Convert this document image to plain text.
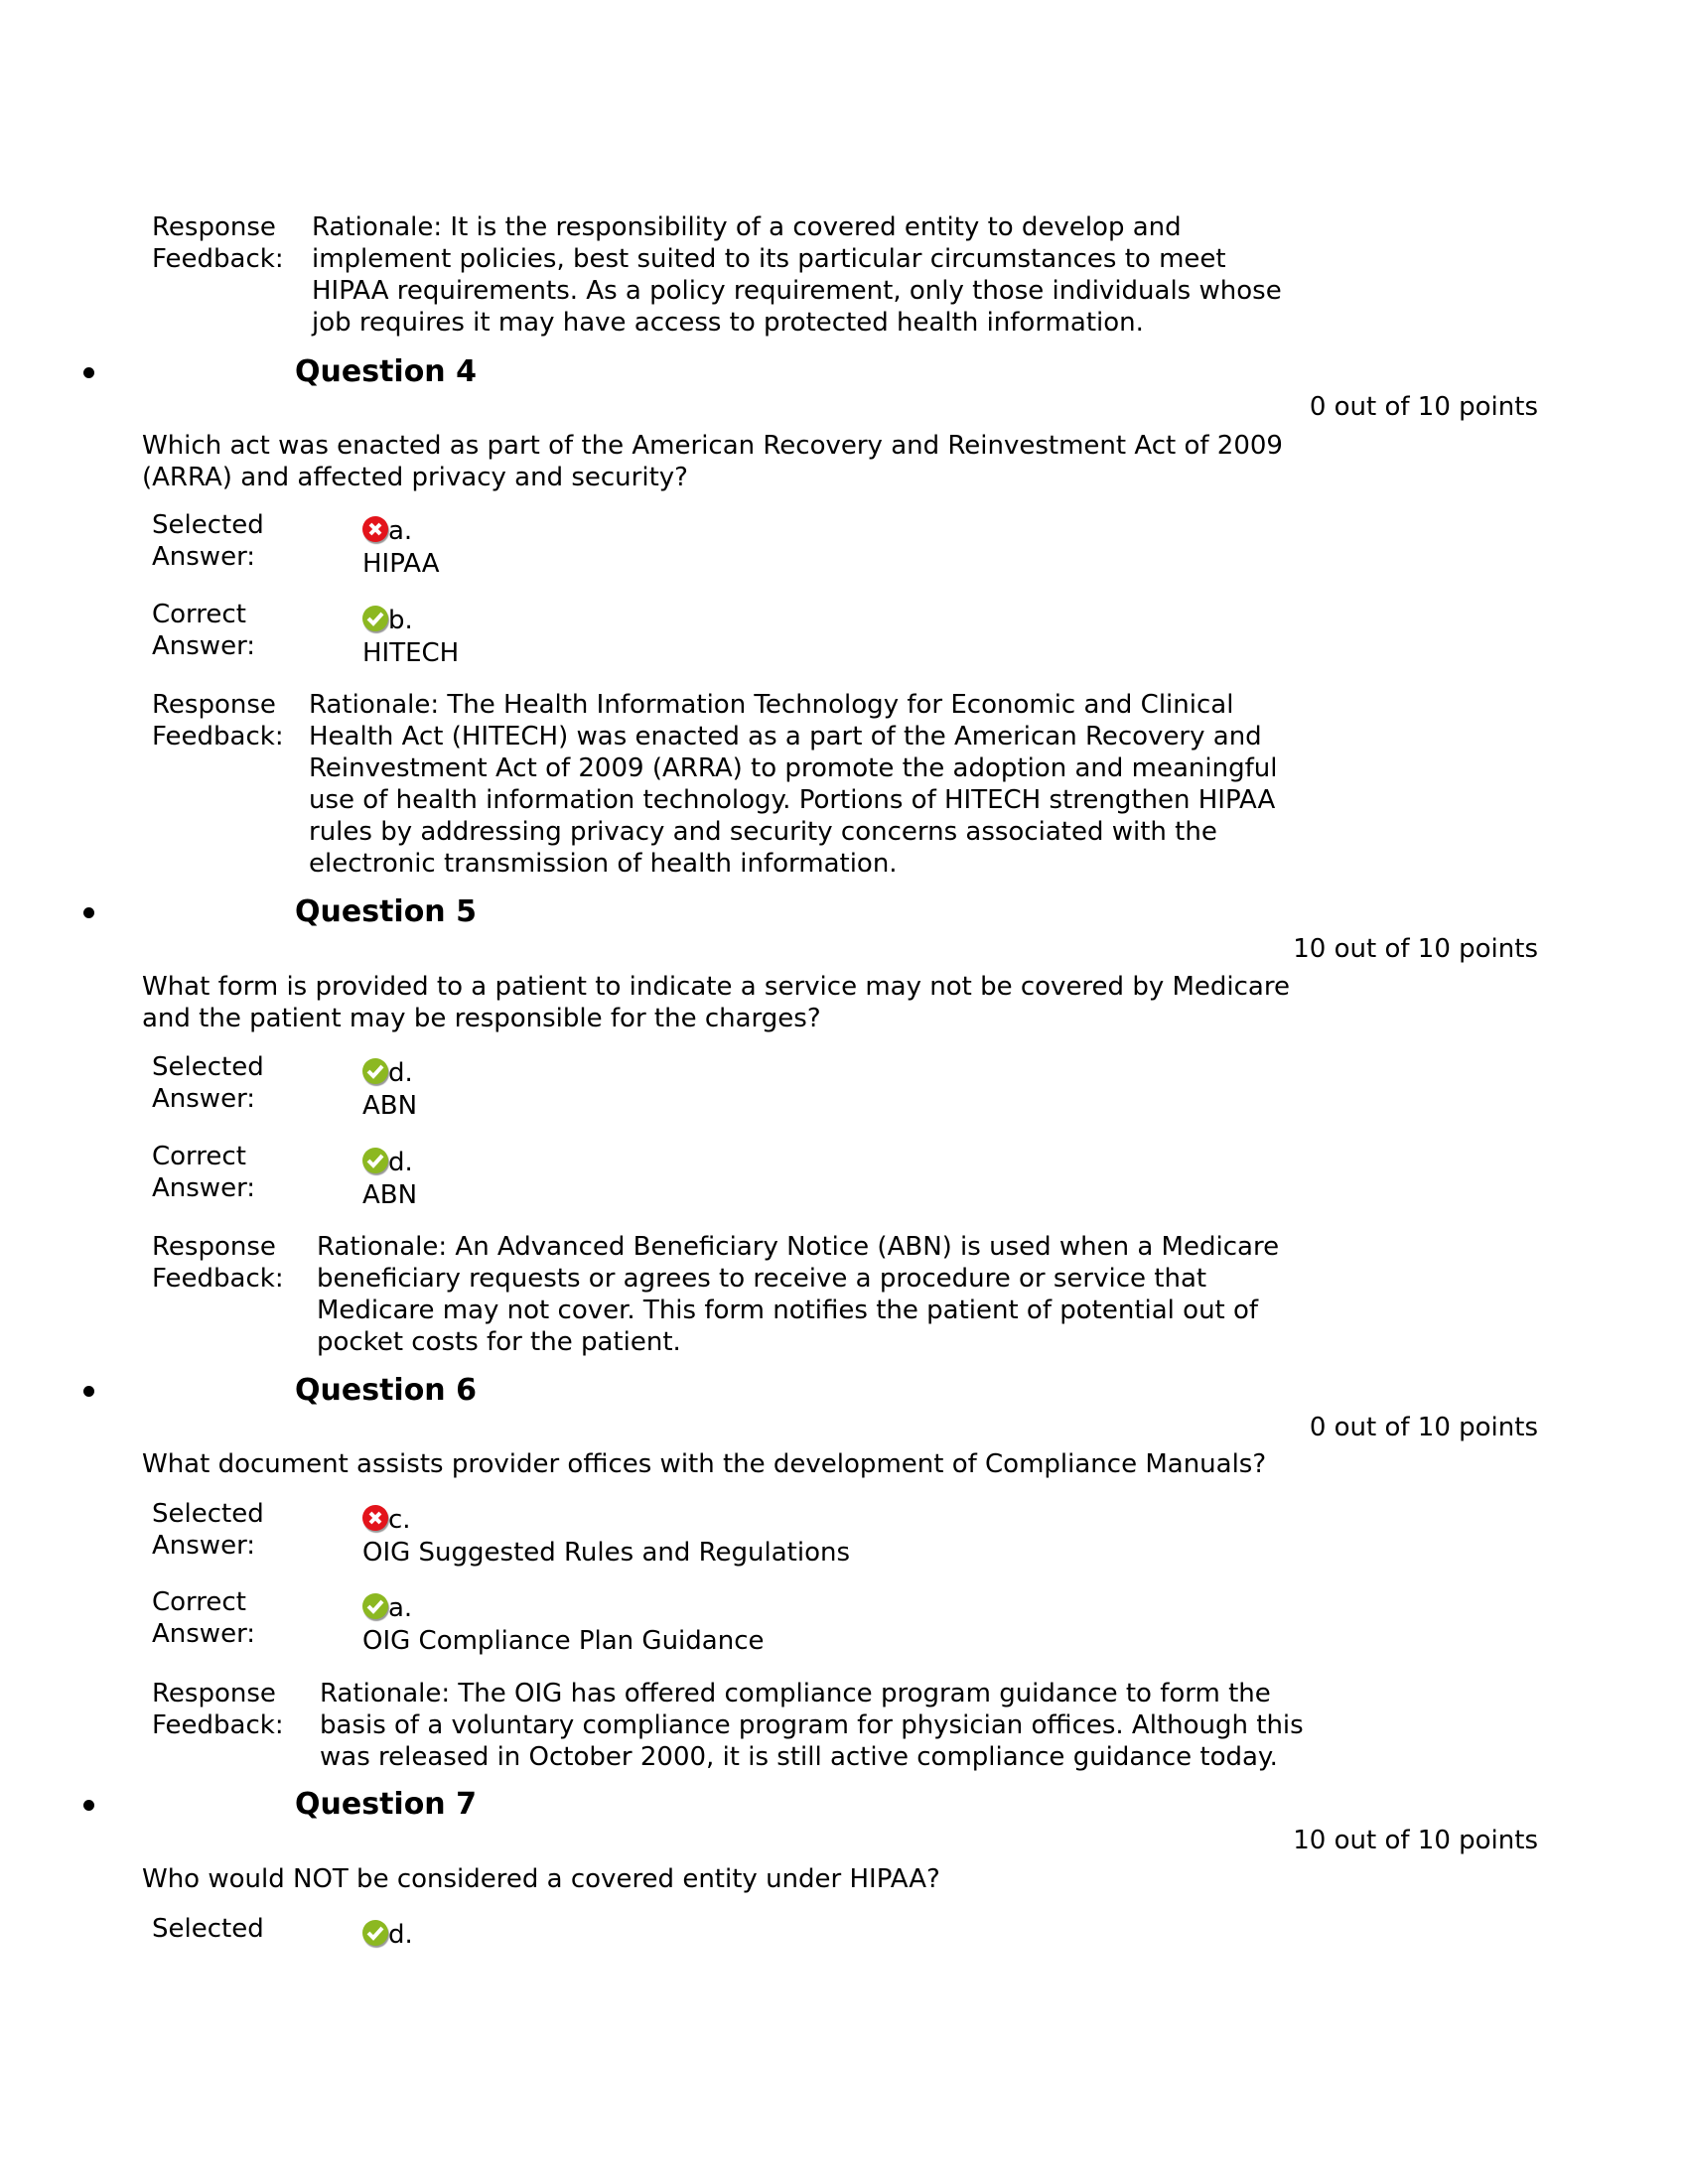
Response
Feedback:
Rationale: It is the responsibility of a covered entity to develop and
implement policies, best suited to its particular circumstances to meet
HIPAA requirements. As a policy requirement, only those individuals whose
job requires it may have access to protected health information.
Question 4
0 out of 10 points
Which act was enacted as part of the American Recovery and Reinvestment Act of 2009
(ARRA) and affected privacy and security?
Selected
Answer:
a.
HIPAA
Correct
Answer:
b.
HITECH
Response
Feedback:
Rationale: The Health Information Technology for Economic and Clinical
Health Act (HITECH) was enacted as a part of the American Recovery and
Reinvestment Act of 2009 (ARRA) to promote the adoption and meaningful
use of health information technology. Portions of HITECH strengthen HIPAA
rules by addressing privacy and security concerns associated with the
electronic transmission of health information.
Question 5
10 out of 10 points
What form is provided to a patient to indicate a service may not be covered by Medicare
and the patient may be responsible for the charges?
Selected
Answer:
d.
ABN
Correct
Answer:
d.
ABN
Response
Feedback:
Rationale: An Advanced Beneficiary Notice (ABN) is used when a Medicare
beneficiary requests or agrees to receive a procedure or service that
Medicare may not cover. This form notifies the patient of potential out of
pocket costs for the patient.
Question 6
0 out of 10 points
What document assists provider offices with the development of Compliance Manuals?
Selected
Answer:
c.
OIG Suggested Rules and Regulations
Correct
Answer:
a.
OIG Compliance Plan Guidance
Response
Feedback:
Rationale: The OIG has offered compliance program guidance to form the
basis of a voluntary compliance program for physician offices. Although this
was released in October 2000, it is still active compliance guidance today.
Question 7
10 out of 10 points
Who would NOT be considered a covered entity under HIPAA?
Selected	d.
